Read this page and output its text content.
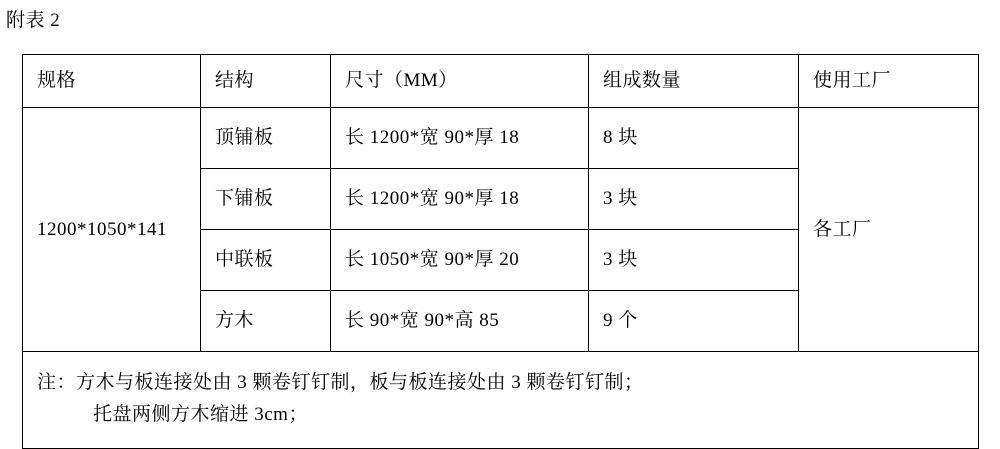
附表 2
规格	结构	尺寸（MM）	组成数量	使用工厂
1200*1050*141	顶铺板	长 1200*宽 90*厚 18	8 块	各工厂
	下铺板	长 1200*宽 90*厚 18	3 块	
	中联板	长 1050*宽 90*厚 20	3 块	
	方木	长 90*宽 90*高 85	9 个	

注：方木与板连接处由 3 颗卷钉钉制，板与板连接处由 3 颗卷钉钉制；
托盘两侧方木缩进 3cm；				
